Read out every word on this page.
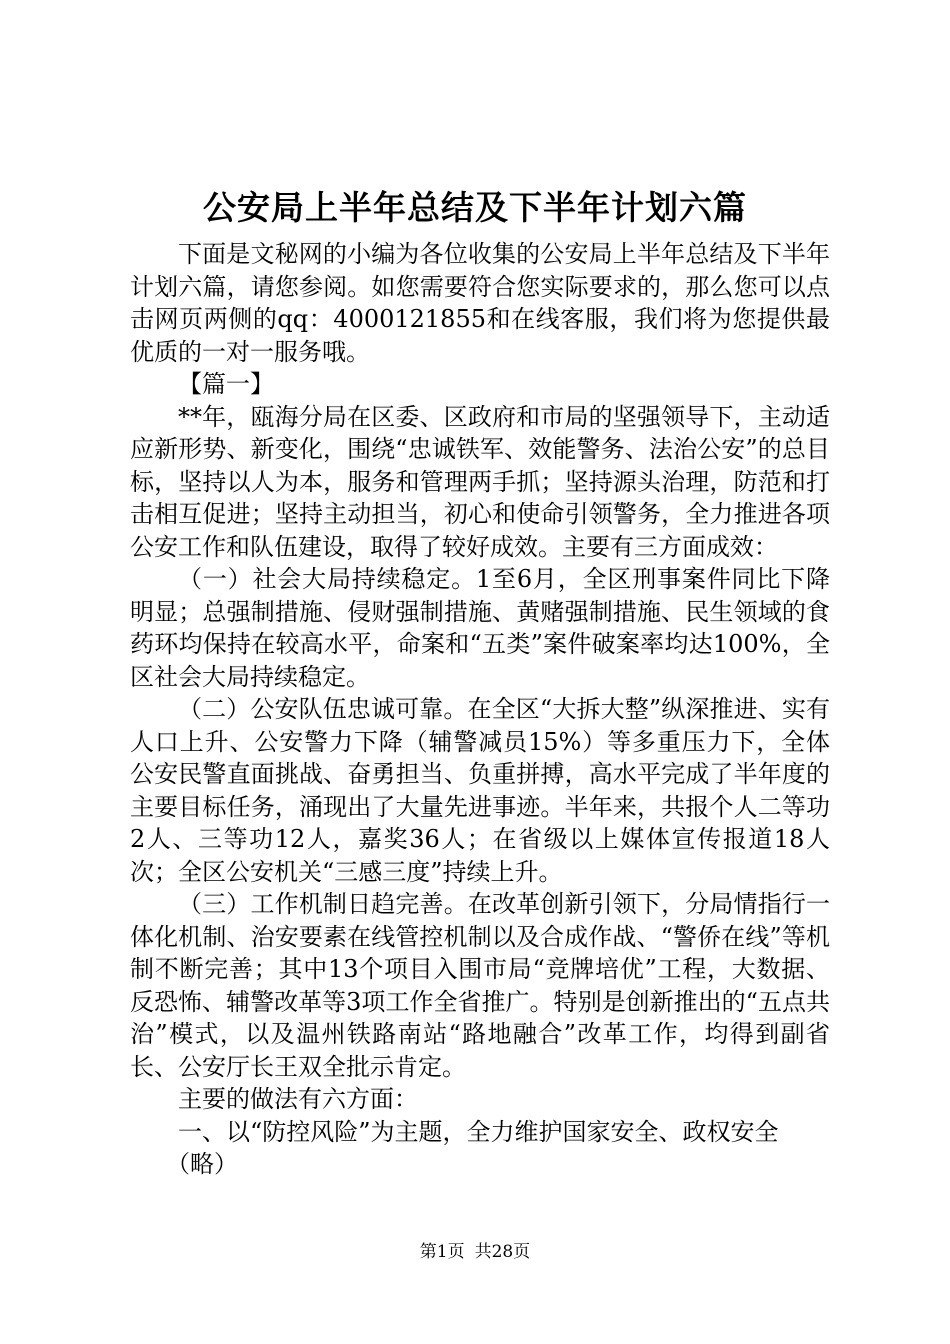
公安局上半年总结及下半年计划六篇

下面是文秘网的小编为各位收集的公安局上半年总结及下半年计划六篇，请您参阅。如您需要符合您实际要求的，那么您可以点击网页两侧的qq：4000121855和在线客服，我们将为您提供最优质的一对一服务哦。

【篇一】

**年，瓯海分局在区委、区政府和市局的坚强领导下，主动适应新形势、新变化，围绕“忠诚铁军、效能警务、法治公安”的总目标，坚持以人为本，服务和管理两手抓；坚持源头治理，防范和打击相互促进；坚持主动担当，初心和使命引领警务，全力推进各项公安工作和队伍建设，取得了较好成效。主要有三方面成效：

（一）社会大局持续稳定。1至6月，全区刑事案件同比下降明显；总强制措施、侵财强制措施、黄赌强制措施、民生领域的食药环均保持在较高水平，命案和“五类”案件破案率均达100%，全区社会大局持续稳定。

（二）公安队伍忠诚可靠。在全区“大拆大整”纵深推进、实有人口上升、公安警力下降（辅警减员15%）等多重压力下，全体公安民警直面挑战、奋勇担当、负重拼搏，高水平完成了半年度的主要目标任务，涌现出了大量先进事迹。半年来，共报个人二等功2人、三等功12人，嘉奖36人；在省级以上媒体宣传报道18人次；全区公安机关“三感三度”持续上升。

（三）工作机制日趋完善。在改革创新引领下，分局情指行一体化机制、治安要素在线管控机制以及合成作战、“警侨在线”等机制不断完善；其中13个项目入围市局“竞牌培优”工程，大数据、反恐怖、辅警改革等3项工作全省推广。特别是创新推出的“五点共治”模式，以及温州铁路南站“路地融合”改革工作，均得到副省长、公安厅长王双全批示肯定。

主要的做法有六方面：

一、以“防控风险”为主题，全力维护国家安全、政权安全

（略）

第1页 共28页
